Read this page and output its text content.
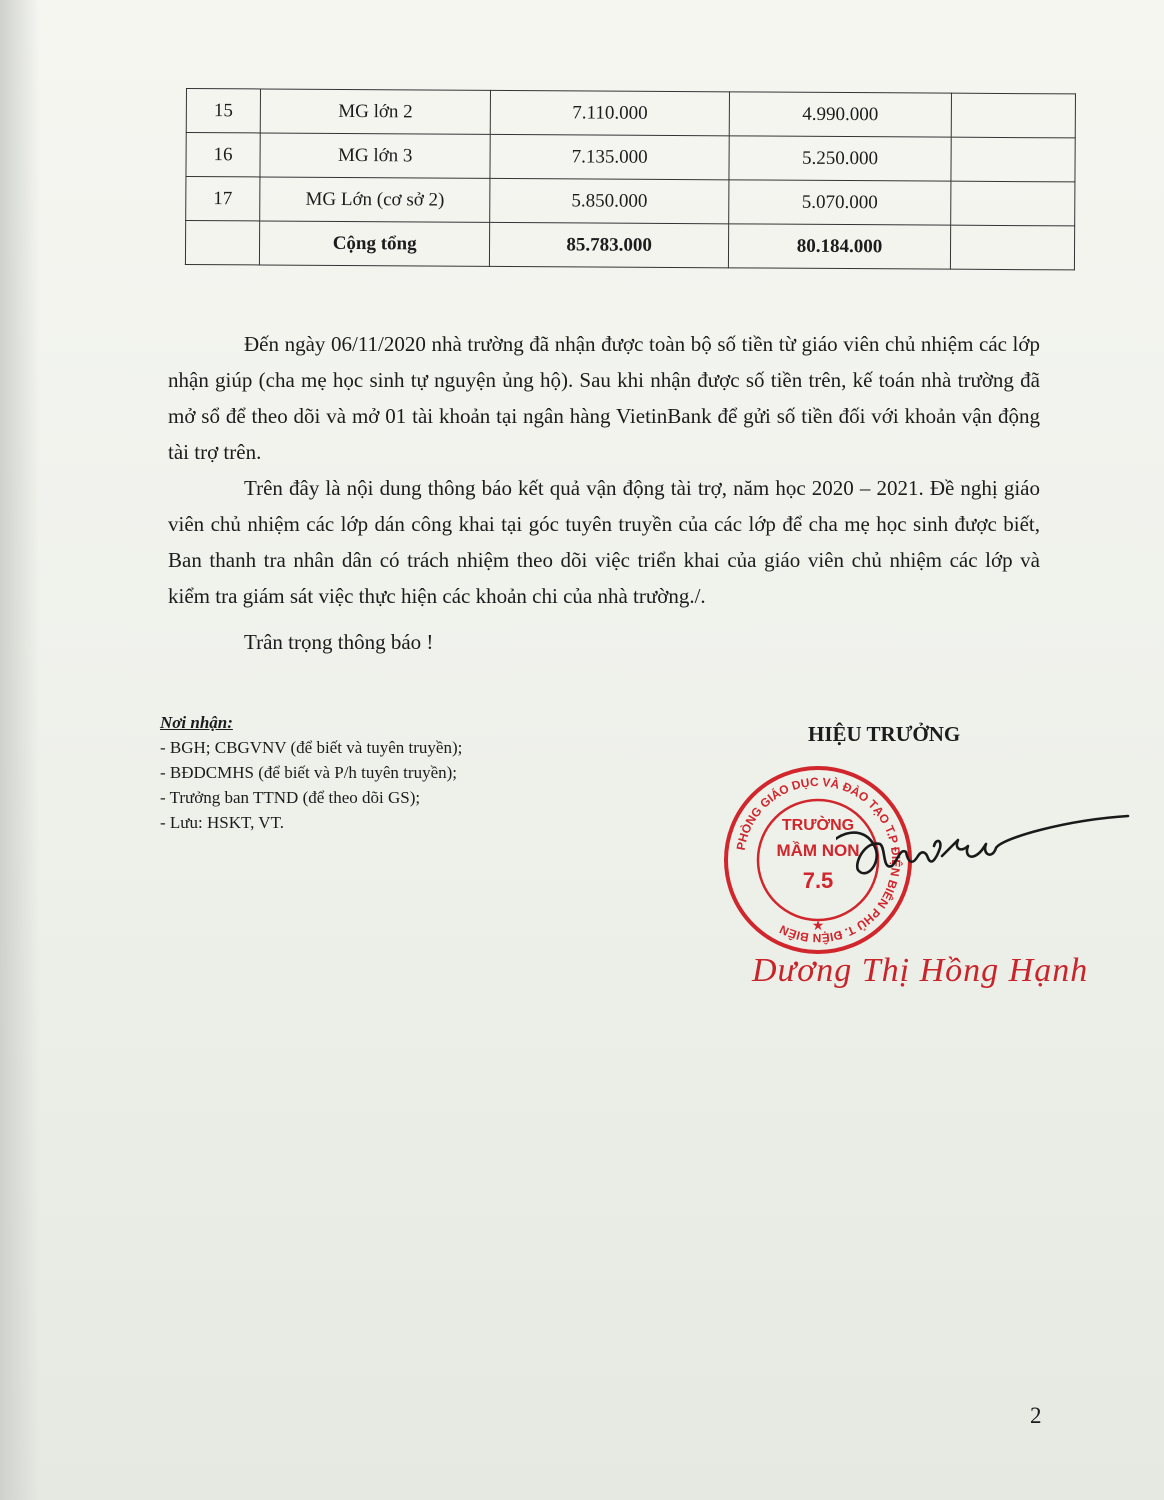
15	MG lớn 2	7.110.000	4.990.000	
16	MG lớn 3	7.135.000	5.250.000	
17	MG Lớn (cơ sở 2)	5.850.000	5.070.000	
	Cộng tổng	85.783.000	80.184.000	

Đến ngày 06/11/2020 nhà trường đã nhận được toàn bộ số tiền từ giáo viên chủ nhiệm các lớp nhận giúp (cha mẹ học sinh tự nguyện ủng hộ). Sau khi nhận được số tiền trên, kế toán nhà trường đã mở sổ để theo dõi và mở 01 tài khoản tại ngân hàng VietinBank để gửi số tiền đối với khoản vận động tài trợ trên.

Trên đây là nội dung thông báo kết quả vận động tài trợ, năm học 2020 – 2021. Đề nghị giáo viên chủ nhiệm các lớp dán công khai tại góc tuyên truyền của các lớp để cha mẹ học sinh được biết, Ban thanh tra nhân dân có trách nhiệm theo dõi việc triển khai của giáo viên chủ nhiệm các lớp và kiểm tra giám sát việc thực hiện các khoản chi của nhà trường./.

Trân trọng thông báo !

Nơi nhận:
- BGH; CBGVNV (để biết và tuyên truyền);
- BĐDCMHS (để biết và P/h tuyên truyền);
- Trưởng ban TTND (để theo dõi GS);
- Lưu: HSKT, VT.
HIỆU TRƯỞNG
PHÒNG GIÁO DỤC VÀ ĐÀO TẠO T.P ĐIỆN BIÊN PHỦ T. ĐIỆN BIÊN
TRƯỜNG
MẦM NON
7.5
★
Dương Thị Hồng Hạnh
2
